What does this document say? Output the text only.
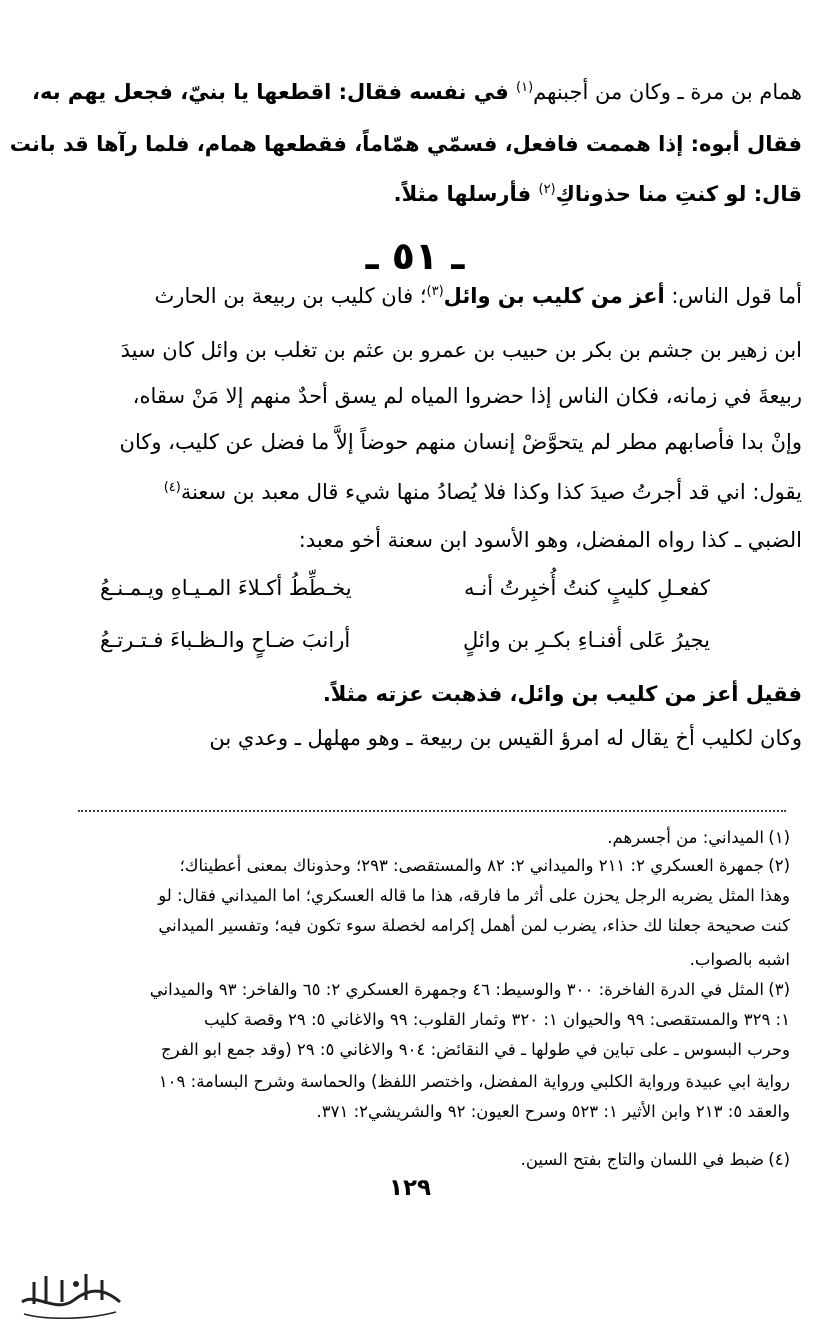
همام بن مرة ـ وكان من أجبنهم$^{(١)}$ في نفسه فقال: اقطعها يا بنيّ، فجعل يهم به،
فقال أبوه: إذا هممت فافعل، فسمّي همّاماً، فقطعها همام، فلما رآها قد بانت
قال: لو كنتِ منا حذوناكِ$^{(٢)}$ فأرسلها مثلاً.
ـ ٥١ ـ
أما قول الناس: أعز من كليب بن وائل$^{(٣)}$؛ فان كليب بن ربيعة بن الحارث
ابن زهير بن جشم بن بكر بن حبيب بن عمرو بن عثم بن تغلب بن وائل كان سيدَ
ربيعةَ في زمانه، فكان الناس إذا حضروا المياه لم يسق أحدٌ منهم إلا مَنْ سقاه،
وإنْ بدا فأصابهم مطر لم يتحوَّضْ إنسان منهم حوضاً إلاَّ ما فضل عن كليب، وكان
يقول: اني قد أجرتُ صيدَ كذا وكذا فلا يُصادُ منها شيء قال معبد بن سعنة$^{(٤)}$
الضبي ـ كذا رواه المفضل، وهو الأسود ابن سعنة أخو معبد:
كفعـلِ كليبٍ كنتُ أُخبِرتُ أنـه
يخـطِّطُ أكـلاءَ المـيـاهِ ويـمـنـعُ
يجيرُ عَلى أفنـاءِ بكـرِ بن وائلٍ
أرانبَ ضـاحٍ والـظـباءَ فـتـرتـعُ
فقيل أعز من كليب بن وائل، فذهبت عزته مثلاً.
وكان لكليب أخ يقال له امرؤ القيس بن ربيعة ـ وهو مهلهل ـ وعدي بن
(١)الميداني: من أجسرهم.
(٢)جمهرة العسكري ٢: ٢١١ والميداني ٢: ٨٢ والمستقصى: ٢٩٣؛ وحذوناك بمعنى أعطيناك؛
وهذا المثل يضربه الرجل يحزن على أثر ما فارقه، هذا ما قاله العسكري؛ اما الميداني فقال: لو
كنت صحيحة جعلنا لك حذاء، يضرب لمن أهمل إكرامه لخصلة سوء تكون فيه؛ وتفسير الميداني
اشبه بالصواب.
(٣)المثل في الدرة الفاخرة: ٣٠٠ والوسيط: ٤٦ وجمهرة العسكري ٢: ٦٥ والفاخر: ٩٣ والميداني
١: ٣٢٩ والمستقصى: ٩٩ والحيوان ١: ٣٢٠ وثمار القلوب: ٩٩ والاغاني ٥: ٢٩ وقصة كليب
وحرب البسوس ـ على تباين في طولها ـ في النقائض: ٩٠٤ والاغاني ٥: ٢٩ (وقد جمع ابو الفرج
رواية ابي عبيدة ورواية الكلبي ورواية المفضل، واختصر اللفظ) والحماسة وشرح البسامة: ١٠٩
والعقد ٥: ٢١٣ وابن الأثير ١: ٥٢٣ وسرح العيون: ٩٢ والشريشي٢: ٣٧١.
(٤)ضبط في اللسان والتاج بفتح السين.
١٢٩
